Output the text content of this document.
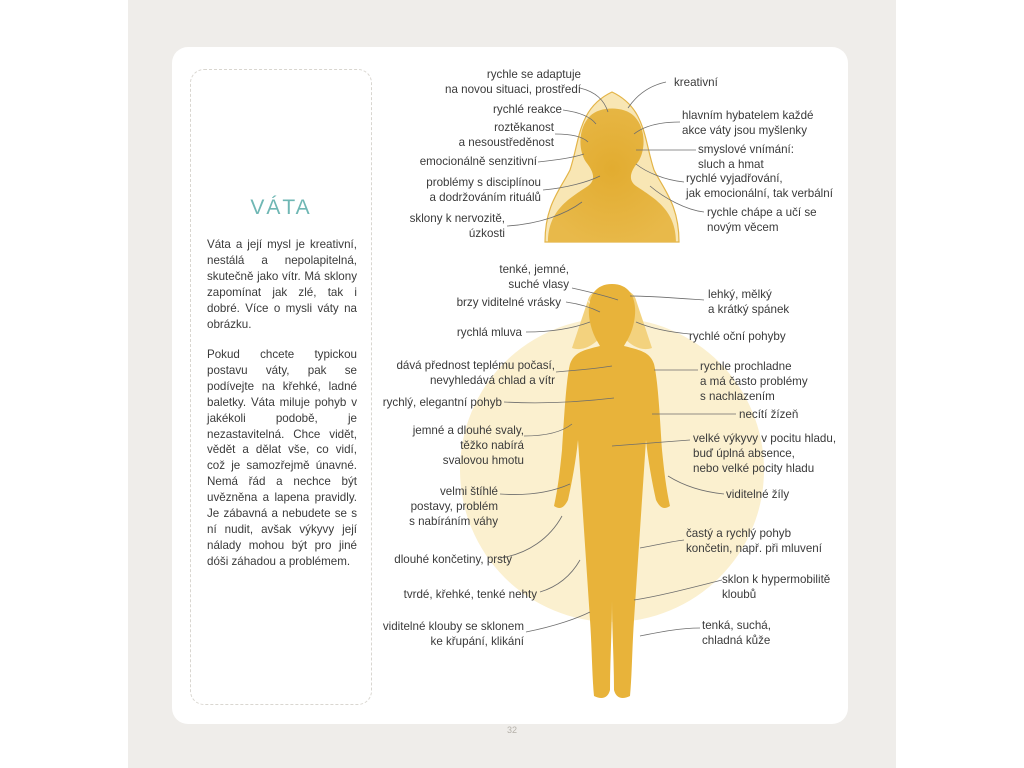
VÁTA

Váta a její mysl je kreativní, nestálá a nepolapitelná, skutečně jako vítr. Má sklony zapomínat jak zlé, tak i dobré. Více o mysli váty na obrázku.

Pokud chcete typickou postavu váty, pak se podívejte na křehké, ladné baletky. Váta miluje pohyb v jakékoli podobě, je nezastavitelná. Chce vidět, vědět a dělat vše, co vidí, což je samozřejmě únavné. Nemá řád a nechce být uvězněna a lapena pravidly. Je zábavná a nebudete se s ní nudit, avšak výkyvy její nálady mohou být pro jiné dóši záhadou a problémem.

rychle se adaptuje
na novou situaci, prostředí
rychlé reakce
roztěkanost
a nesoustředěnost
emocionálně senzitivní
problémy s disciplínou
a dodržováním rituálů
sklony k nervozitě,
úzkosti
kreativní
hlavním hybatelem každé
akce váty jsou myšlenky
smyslové vnímání:
sluch a hmat
rychlé vyjadřování,
jak emocionální, tak verbální
rychle chápe a učí se
novým věcem
tenké, jemné,
suché vlasy
brzy viditelné vrásky
rychlá mluva
dává přednost teplému počasí,
nevyhledává chlad a vítr
rychlý, elegantní pohyb
jemné a dlouhé svaly,
těžko nabírá
svalovou hmotu
velmi štíhlé
postavy, problém
s nabíráním váhy
dlouhé končetiny, prsty
tvrdé, křehké, tenké nehty
viditelné klouby se sklonem
ke křupání, klikání
lehký, mělký
a krátký spánek
rychlé oční pohyby
rychle prochladne
a má často problémy
s nachlazením
necítí žízeň
velké výkyvy v pocitu hladu,
buď úplná absence,
nebo velké pocity hladu
viditelné žíly
častý a rychlý pohyb
končetin, např. při mluvení
sklon k hypermobilitě
kloubů
tenká, suchá,
chladná kůže
32
